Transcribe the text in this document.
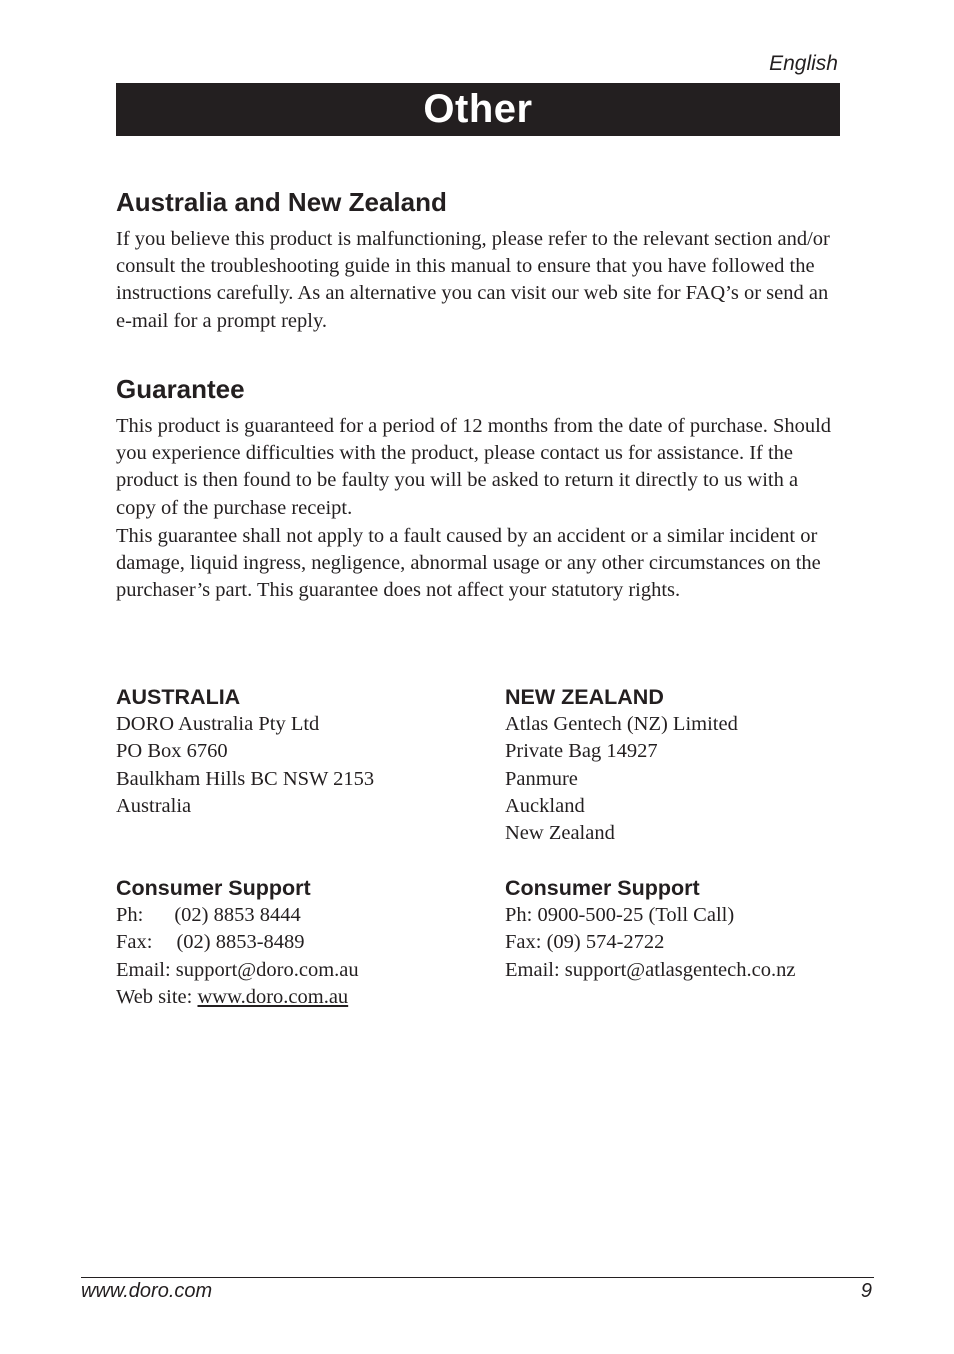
English
Other
Australia and New Zealand

If you believe this product is malfunctioning, please refer to the relevant section and/or consult the troubleshooting guide in this manual to ensure that you have followed the instructions carefully. As an alternative you can visit our web site for FAQ’s or send an e-mail for a prompt reply.

Guarantee

This product is guaranteed for a period of 12 months from the date of purchase. Should you experience difficulties with the product, please contact us for assistance. If the product is then found to be faulty you will be asked to return it directly to us with a copy of the purchase receipt.

This guarantee shall not apply to a fault caused by an accident or a similar incident or damage, liquid ingress, negligence, abnormal usage or any other circumstances on the purchaser’s part. This guarantee does not affect your statutory rights.

AUSTRALIA
DORO Australia Pty Ltd
PO Box 6760
Baulkham Hills BC NSW 2153
Australia
NEW ZEALAND
Atlas Gentech (NZ) Limited
Private Bag 14927
Panmure
Auckland
New Zealand
Consumer Support
Ph: (02) 8853 8444
Fax: (02) 8853-8489
Email: support@doro.com.au
Web site: www.doro.com.au
Consumer Support
Ph: 0900-500-25 (Toll Call)
Fax: (09) 574-2722
Email: support@atlasgentech.co.nz
www.doro.com	9
